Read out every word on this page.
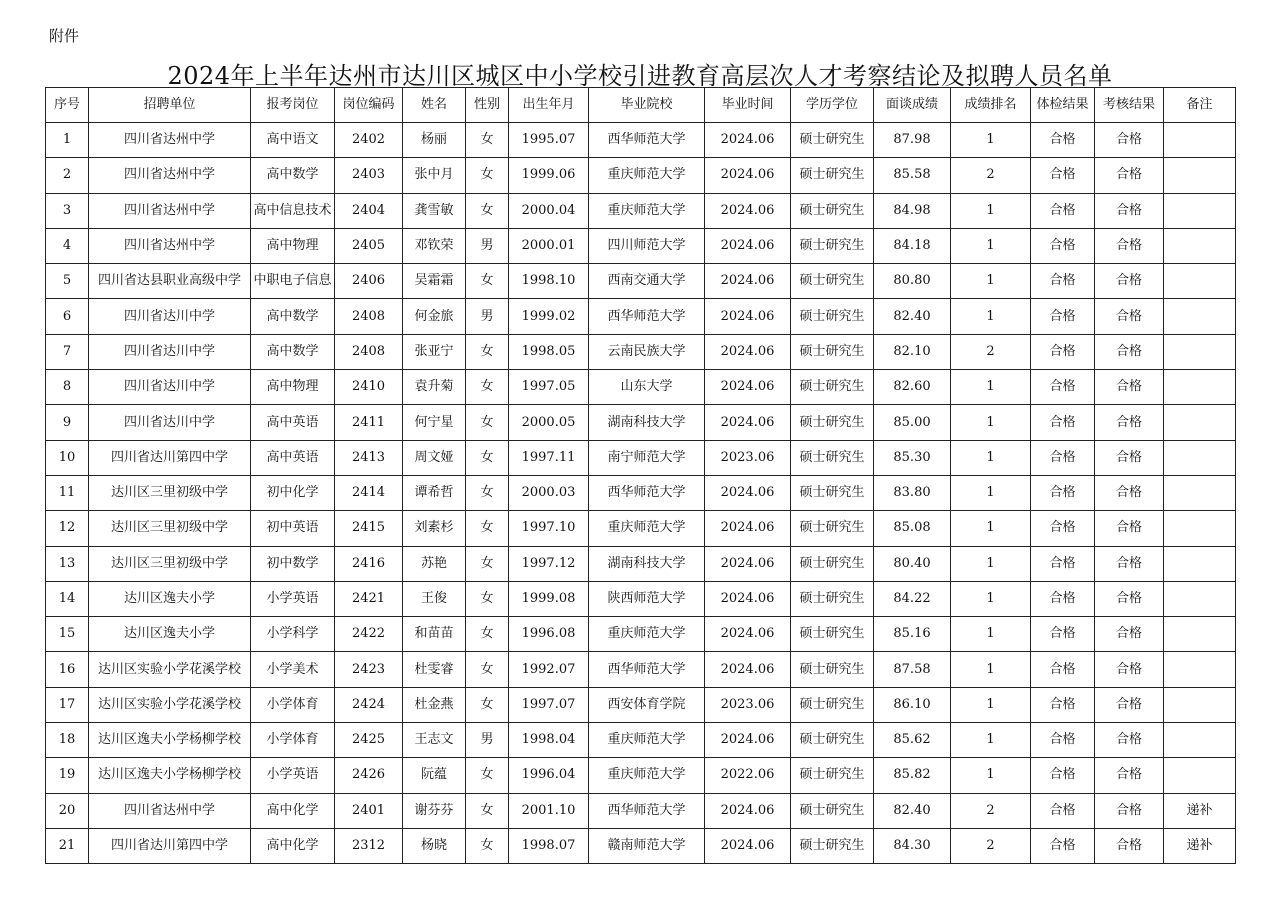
附件
2024年上半年达州市达川区城区中小学校引进教育高层次人才考察结论及拟聘人员名单
序号	招聘单位	报考岗位	岗位编码	姓名	性别	出生年月	毕业院校	毕业时间	学历学位	面谈成绩	成绩排名	体检结果	考核结果	备注
1	四川省达州中学	高中语文	2402	杨丽	女	1995.07	西华师范大学	2024.06	硕士研究生	87.98	1	合格	合格	
2	四川省达州中学	高中数学	2403	张中月	女	1999.06	重庆师范大学	2024.06	硕士研究生	85.58	2	合格	合格	
3	四川省达州中学	高中信息技术	2404	龚雪敏	女	2000.04	重庆师范大学	2024.06	硕士研究生	84.98	1	合格	合格	
4	四川省达州中学	高中物理	2405	邓钦荣	男	2000.01	四川师范大学	2024.06	硕士研究生	84.18	1	合格	合格	
5	四川省达县职业高级中学	中职电子信息	2406	吴霜霜	女	1998.10	西南交通大学	2024.06	硕士研究生	80.80	1	合格	合格	
6	四川省达川中学	高中数学	2408	何金旅	男	1999.02	西华师范大学	2024.06	硕士研究生	82.40	1	合格	合格	
7	四川省达川中学	高中数学	2408	张亚宁	女	1998.05	云南民族大学	2024.06	硕士研究生	82.10	2	合格	合格	
8	四川省达川中学	高中物理	2410	袁升菊	女	1997.05	山东大学	2024.06	硕士研究生	82.60	1	合格	合格	
9	四川省达川中学	高中英语	2411	何宁星	女	2000.05	湖南科技大学	2024.06	硕士研究生	85.00	1	合格	合格	
10	四川省达川第四中学	高中英语	2413	周文娅	女	1997.11	南宁师范大学	2023.06	硕士研究生	85.30	1	合格	合格	
11	达川区三里初级中学	初中化学	2414	谭希哲	女	2000.03	西华师范大学	2024.06	硕士研究生	83.80	1	合格	合格	
12	达川区三里初级中学	初中英语	2415	刘素杉	女	1997.10	重庆师范大学	2024.06	硕士研究生	85.08	1	合格	合格	
13	达川区三里初级中学	初中数学	2416	苏艳	女	1997.12	湖南科技大学	2024.06	硕士研究生	80.40	1	合格	合格	
14	达川区逸夫小学	小学英语	2421	王俊	女	1999.08	陕西师范大学	2024.06	硕士研究生	84.22	1	合格	合格	
15	达川区逸夫小学	小学科学	2422	和苗苗	女	1996.08	重庆师范大学	2024.06	硕士研究生	85.16	1	合格	合格	
16	达川区实验小学花溪学校	小学美术	2423	杜雯睿	女	1992.07	西华师范大学	2024.06	硕士研究生	87.58	1	合格	合格	
17	达川区实验小学花溪学校	小学体育	2424	杜金燕	女	1997.07	西安体育学院	2023.06	硕士研究生	86.10	1	合格	合格	
18	达川区逸夫小学杨柳学校	小学体育	2425	王志文	男	1998.04	重庆师范大学	2024.06	硕士研究生	85.62	1	合格	合格	
19	达川区逸夫小学杨柳学校	小学英语	2426	阮蕴	女	1996.04	重庆师范大学	2022.06	硕士研究生	85.82	1	合格	合格	
20	四川省达州中学	高中化学	2401	谢芬芬	女	2001.10	西华师范大学	2024.06	硕士研究生	82.40	2	合格	合格	递补
21	四川省达川第四中学	高中化学	2312	杨晓	女	1998.07	赣南师范大学	2024.06	硕士研究生	84.30	2	合格	合格	递补
